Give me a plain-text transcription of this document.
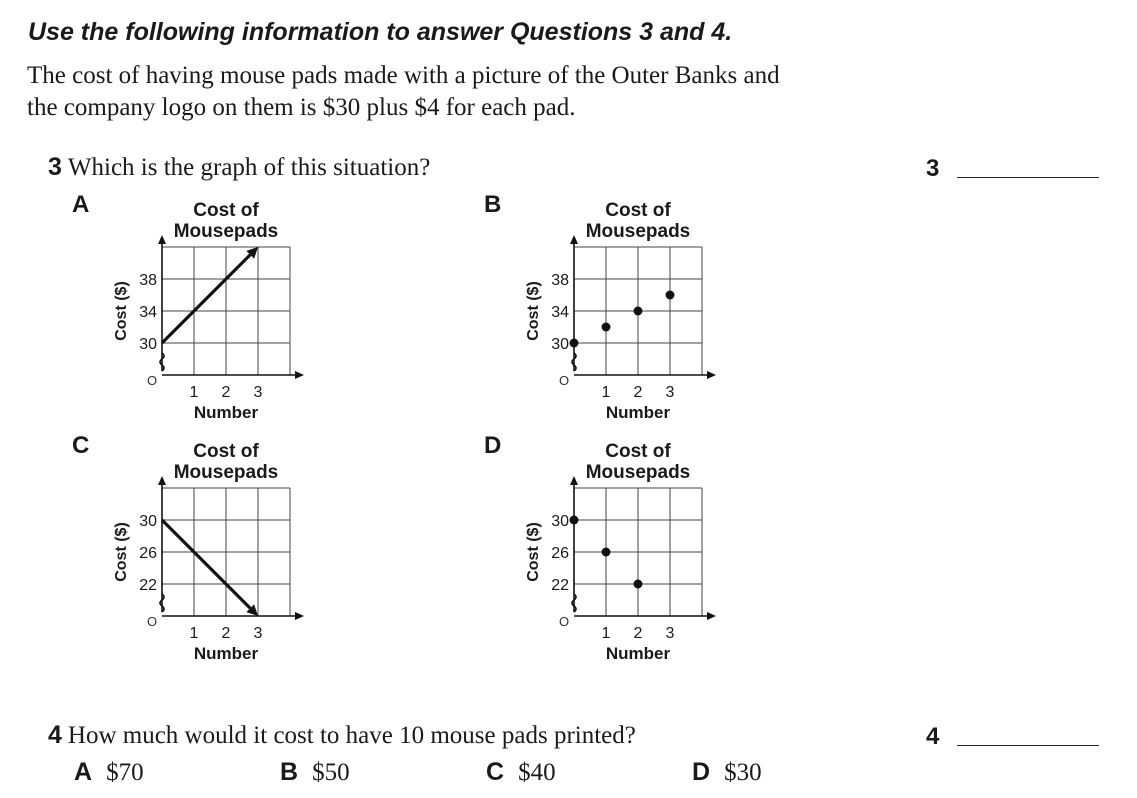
Use the following information to answer Questions 3 and 4.
The cost of having mouse pads made with a picture of the Outer Banks and
the company logo on them is $30 plus $4 for each pad.
3 Which is the graph of this situation?	3
A	B
C	D
Cost of Mousepads
O
1 2 3
Number
30
34
38
Cost ($)
Cost of Mousepads
O
1 2 3
Number
30
34
38
Cost ($)
Cost of Mousepads
O
1 2 3
Number
22
26
30
Cost ($)
Cost of Mousepads
O
1 2 3
Number
22
26
30
Cost ($)
4 How much would it cost to have 10 mouse pads printed?	4
A $70	B $50	C $40	D $30
